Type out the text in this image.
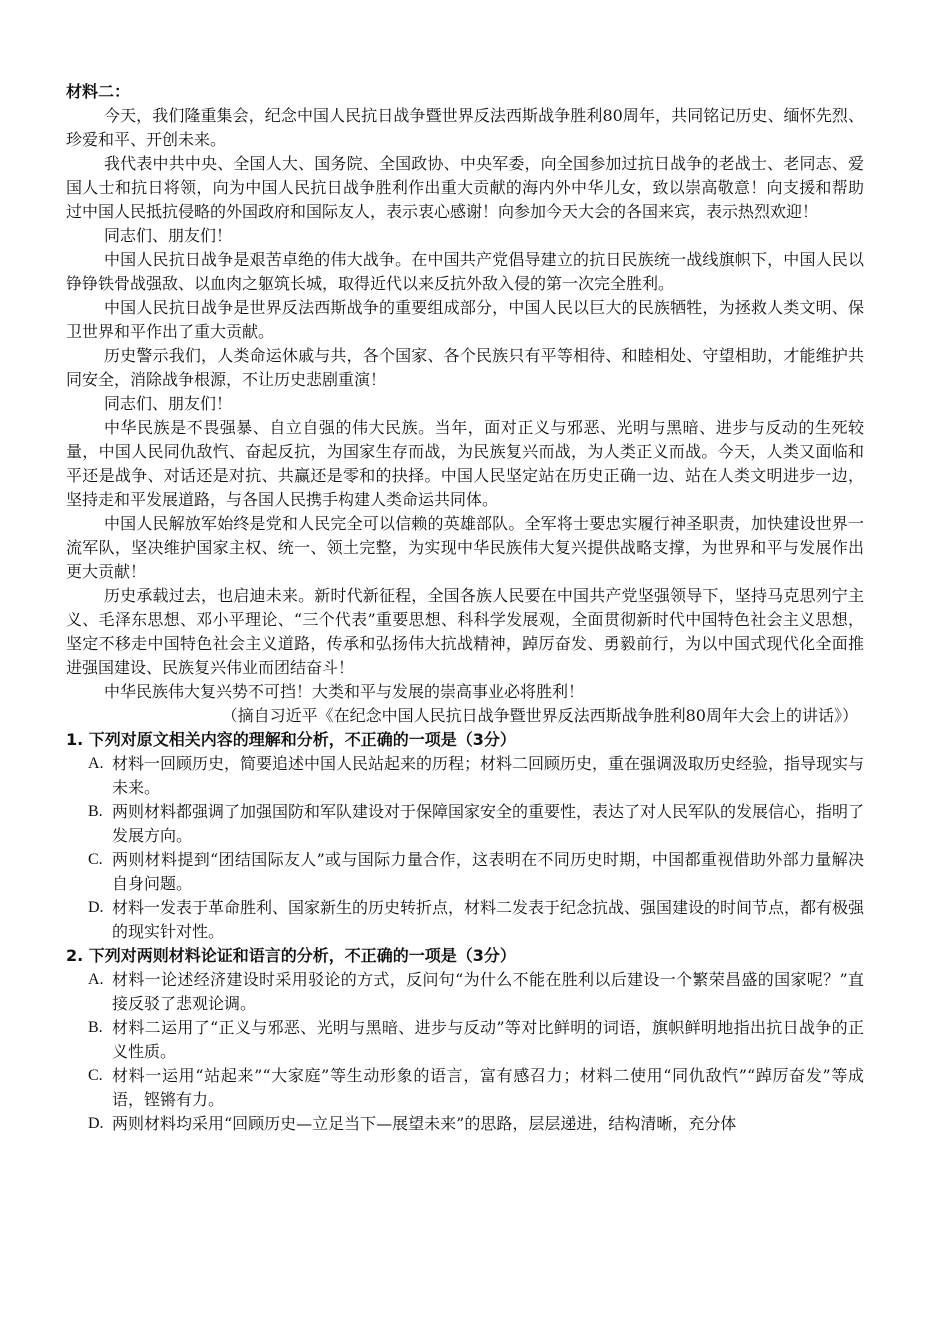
材料二：

今天，我们隆重集会，纪念中国人民抗日战争暨世界反法西斯战争胜利80周年，共同铭记历史、缅怀先烈、珍爱和平、开创未来。

我代表中共中央、全国人大、国务院、全国政协、中央军委，向全国参加过抗日战争的老战士、老同志、爱国人士和抗日将领，向为中国人民抗日战争胜利作出重大贡献的海内外中华儿女，致以崇高敬意！向支援和帮助过中国人民抵抗侵略的外国政府和国际友人，表示衷心感谢！向参加今天大会的各国来宾，表示热烈欢迎！

同志们、朋友们！

中国人民抗日战争是艰苦卓绝的伟大战争。在中国共产党倡导建立的抗日民族统一战线旗帜下，中国人民以铮铮铁骨战强敌、以血肉之躯筑长城，取得近代以来反抗外敌入侵的第一次完全胜利。

中国人民抗日战争是世界反法西斯战争的重要组成部分，中国人民以巨大的民族牺牲，为拯救人类文明、保卫世界和平作出了重大贡献。

历史警示我们，人类命运休戚与共，各个国家、各个民族只有平等相待、和睦相处、守望相助，才能维护共同安全，消除战争根源，不让历史悲剧重演！

同志们、朋友们！

中华民族是不畏强暴、自立自强的伟大民族。当年，面对正义与邪恶、光明与黑暗、进步与反动的生死较量，中国人民同仇敌忾、奋起反抗，为国家生存而战，为民族复兴而战，为人类正义而战。今天，人类又面临和平还是战争、对话还是对抗、共赢还是零和的抉择。中国人民坚定站在历史正确一边、站在人类文明进步一边，坚持走和平发展道路，与各国人民携手构建人类命运共同体。

中国人民解放军始终是党和人民完全可以信赖的英雄部队。全军将士要忠实履行神圣职责，加快建设世界一流军队，坚决维护国家主权、统一、领土完整，为实现中华民族伟大复兴提供战略支撑，为世界和平与发展作出更大贡献！

历史承载过去，也启迪未来。新时代新征程，全国各族人民要在中国共产党坚强领导下，坚持马克思列宁主义、毛泽东思想、邓小平理论、“三个代表”重要思想、科科学发展观，全面贯彻新时代中国特色社会主义思想，坚定不移走中国特色社会主义道路，传承和弘扬伟大抗战精神，踔厉奋发、勇毅前行，为以中国式现代化全面推进强国建设、民族复兴伟业而团结奋斗！

中华民族伟大复兴势不可挡！大类和平与发展的崇高事业必将胜利！

（摘自习近平《在纪念中国人民抗日战争暨世界反法西斯战争胜利80周年大会上的讲话》）

1. 下列对原文相关内容的理解和分析，不正确的一项是（3分）

A. 材料一回顾历史，简要追述中国人民站起来的历程；材料二回顾历史，重在强调汲取历史经验，指导现实与未来。

B. 两则材料都强调了加强国防和军队建设对于保障国家安全的重要性，表达了对人民军队的发展信心，指明了发展方向。

C. 两则材料提到“团结国际友人”或与国际力量合作，这表明在不同历史时期，中国都重视借助外部力量解决自身问题。

D. 材料一发表于革命胜利、国家新生的历史转折点，材料二发表于纪念抗战、强国建设的时间节点，都有极强的现实针对性。

2. 下列对两则材料论证和语言的分析，不正确的一项是（3分）

A. 材料一论述经济建设时采用驳论的方式，反问句“为什么不能在胜利以后建设一个繁荣昌盛的国家呢？”直接反驳了悲观论调。

B. 材料二运用了“正义与邪恶、光明与黑暗、进步与反动”等对比鲜明的词语，旗帜鲜明地指出抗日战争的正义性质。

C. 材料一运用“站起来”“大家庭”等生动形象的语言，富有感召力；材料二使用“同仇敌忾”“踔厉奋发”等成语，铿锵有力。

D. 两则材料均采用“回顾历史—立足当下—展望未来”的思路，层层递进，结构清晰，充分体
